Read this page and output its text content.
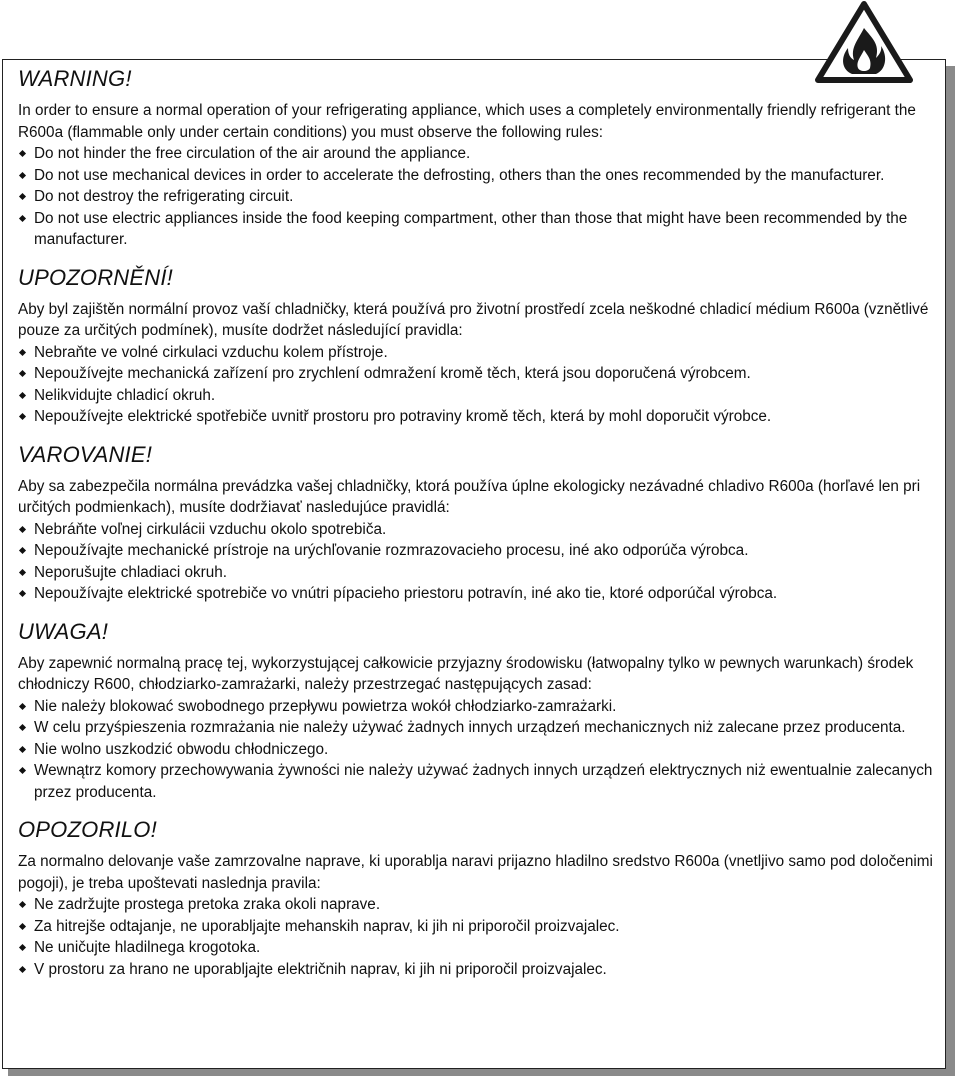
WARNING!

In order to ensure a normal operation of your refrigerating appliance, which uses a completely environmentally friendly refrigerant the R600a (flammable only under certain conditions) you must observe the following rules:

Do not hinder the free circulation of the air around the appliance.
Do not use mechanical devices in order to accelerate the defrosting, others than the ones recommended by the manufacturer.
Do not destroy the refrigerating circuit.
Do not use electric appliances inside the food keeping compartment, other than those that might have been recommended by the manufacturer.
UPOZORNĚNÍ!

Aby byl zajištěn normální provoz vaší chladničky, která používá pro životní prostředí zcela neškodné chladicí médium R600a (vznětlivé pouze za určitých podmínek), musíte dodržet následující pravidla:

Nebraňte ve volné cirkulaci vzduchu kolem přístroje.
Nepoužívejte mechanická zařízení pro zrychlení odmražení kromě těch, která jsou doporučená výrobcem.
Nelikvidujte chladicí okruh.
Nepoužívejte elektrické spotřebiče uvnitř prostoru pro potraviny kromě těch, která by mohl doporučit výrobce.
VAROVANIE!

Aby sa zabezpečila normálna prevádzka vašej chladničky, ktorá používa úplne ekologicky nezávadné chladivo R600a (horľavé len pri určitých podmienkach), musíte dodržiavať nasledujúce pravidlá:

Nebráňte voľnej cirkulácii vzduchu okolo spotrebiča.
Nepoužívajte mechanické prístroje na urýchľovanie rozmrazovacieho procesu, iné ako odporúča výrobca.
Neporušujte chladiaci okruh.
Nepoužívajte elektrické spotrebiče vo vnútri pípacieho priestoru potravín, iné ako tie, ktoré odporúčal výrobca.
UWAGA!

Aby zapewnić normalną pracę tej, wykorzystującej całkowicie przyjazny środowisku (łatwopalny tylko w pewnych warunkach) środek chłodniczy R600, chłodziarko-zamrażarki, należy przestrzegać następujących zasad:

Nie należy blokować swobodnego przepływu powietrza wokół chłodziarko-zamrażarki.
W celu przyśpieszenia rozmrażania nie należy używać żadnych innych urządzeń mechanicznych niż zalecane przez producenta.
Nie wolno uszkodzić obwodu chłodniczego.
Wewnątrz komory przechowywania żywności nie należy używać żadnych innych urządzeń elektrycznych niż ewentualnie zalecanych przez producenta.
OPOZORILO!

Za normalno delovanje vaše zamrzovalne naprave, ki uporablja naravi prijazno hladilno sredstvo R600a (vnetljivo samo pod določenimi pogoji), je treba upoštevati naslednja pravila:

Ne zadržujte prostega pretoka zraka okoli naprave.
Za hitrejše odtajanje, ne uporabljajte mehanskih naprav, ki jih ni priporočil proizvajalec.
Ne uničujte hladilnega krogotoka.
V prostoru za hrano ne uporabljajte električnih naprav, ki jih ni priporočil proizvajalec.
